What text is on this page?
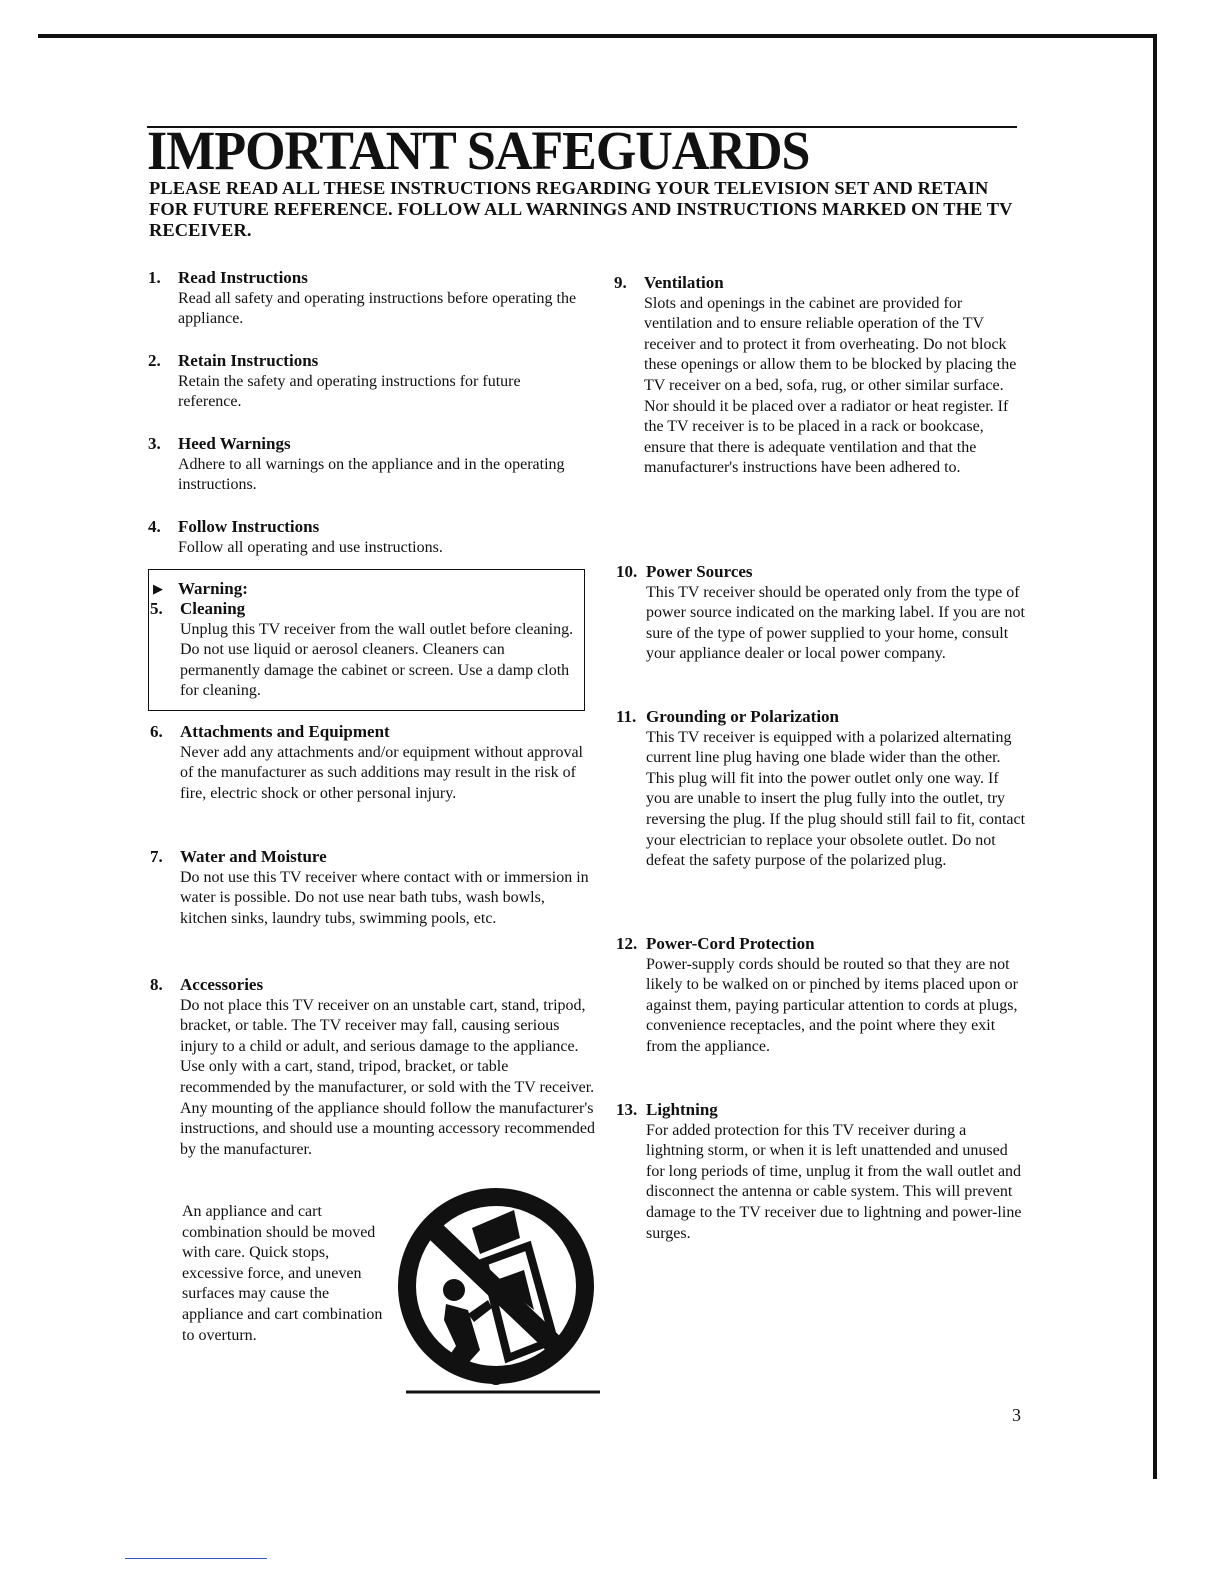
IMPORTANT SAFEGUARDS

PLEASE READ ALL THESE INSTRUCTIONS REGARDING YOUR TELEVISION SET AND RETAIN FOR FUTURE REFERENCE. FOLLOW ALL WARNINGS AND INSTRUCTIONS MARKED ON THE TV RECEIVER.

1.	Read Instructions
Read all safety and operating instructions before operating the appliance.
2.	Retain Instructions
Retain the safety and operating instructions for future reference.
3.	Heed Warnings
Adhere to all warnings on the appliance and in the operating instructions.
4.	Follow Instructions
Follow all operating and use instructions.
▶ Warning:
5.	Cleaning
Unplug this TV receiver from the wall outlet before cleaning. Do not use liquid or aerosol cleaners. Cleaners can permanently damage the cabinet or screen. Use a damp cloth for cleaning.
6.	Attachments and Equipment
Never add any attachments and/or equipment without approval of the manufacturer as such additions may result in the risk of fire, electric shock or other personal injury.
7.	Water and Moisture
Do not use this TV receiver where contact with or immersion in water is possible. Do not use near bath tubs, wash bowls, kitchen sinks, laundry tubs, swimming pools, etc.
8.	Accessories
Do not place this TV receiver on an unstable cart, stand, tripod, bracket, or table. The TV receiver may fall, causing serious injury to a child or adult, and serious damage to the appliance. Use only with a cart, stand, tripod, bracket, or table recommended by the manufacturer, or sold with the TV receiver. Any mounting of the appliance should follow the manufacturer's instructions, and should use a mounting accessory recommended by the manufacturer.
An appliance and cart combination should be moved with care. Quick stops, excessive force, and uneven surfaces may cause the appliance and cart combination to overturn.
9.	Ventilation
Slots and openings in the cabinet are provided for ventilation and to ensure reliable operation of the TV receiver and to protect it from overheating. Do not block these openings or allow them to be blocked by placing the TV receiver on a bed, sofa, rug, or other similar surface. Nor should it be placed over a radiator or heat register. If the TV receiver is to be placed in a rack or bookcase, ensure that there is adequate ventilation and that the manufacturer's instructions have been adhered to.
10. Power Sources
This TV receiver should be operated only from the type of power source indicated on the marking label. If you are not sure of the type of power supplied to your home, consult your appliance dealer or local power company.
11. Grounding or Polarization
This TV receiver is equipped with a polarized alternating current line plug having one blade wider than the other. This plug will fit into the power outlet only one way. If you are unable to insert the plug fully into the outlet, try reversing the plug. If the plug should still fail to fit, contact your electrician to replace your obsolete outlet. Do not defeat the safety purpose of the polarized plug.
12. Power-Cord Protection
Power-supply cords should be routed so that they are not likely to be walked on or pinched by items placed upon or against them, paying particular attention to cords at plugs, convenience receptacles, and the point where they exit from the appliance.
13. Lightning
For added protection for this TV receiver during a lightning storm, or when it is left unattended and unused for long periods of time, unplug it from the wall outlet and disconnect the antenna or cable system. This will prevent damage to the TV receiver due to lightning and power-line surges.
3
